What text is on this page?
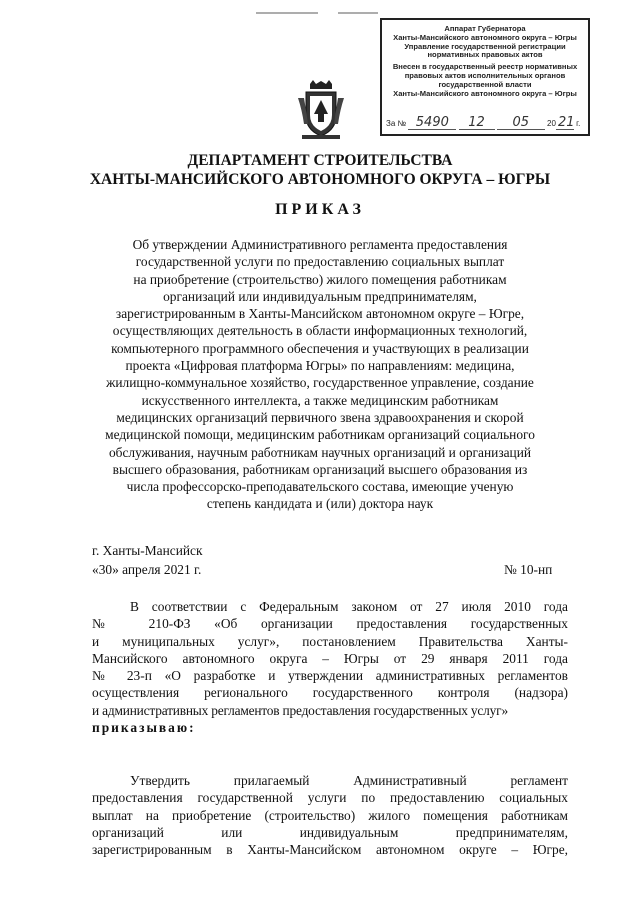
Аппарат Губернатора
Ханты-Мансийского автономного округа – Югры
Управление государственной регистрации
нормативных правовых актов
Внесен в государственный реестр нормативных
правовых актов исполнительных органов
государственной власти
Ханты-Мансийского автономного округа – Югры
За № 5490 12 05 20 21 г.
ДЕПАРТАМЕНТ СТРОИТЕЛЬСТВА
ХАНТЫ-МАНСИЙСКОГО АВТОНОМНОГО ОКРУГА – ЮГРЫ
ПРИКАЗ
Об утверждении Административного регламента предоставления
государственной услуги по предоставлению социальных выплат
на приобретение (строительство) жилого помещения работникам
организаций или индивидуальным предпринимателям,
зарегистрированным в Ханты-Мансийском автономном округе – Югре,
осуществляющих деятельность в области информационных технологий,
компьютерного программного обеспечения и участвующих в реализации
проекта «Цифровая платформа Югры» по направлениям: медицина,
жилищно-коммунальное хозяйство, государственное управление, создание
искусственного интеллекта, а также медицинским работникам
медицинских организаций первичного звена здравоохранения и скорой
медицинской помощи, медицинским работникам организаций социального
обслуживания, научным работникам научных организаций и организаций
высшего образования, работникам организаций высшего образования из
числа профессорско-преподавательского состава, имеющие ученую
степень кандидата и (или) доктора наук
г. Ханты-Мансийск
«30» апреля 2021 г.	№ 10-нп
В соответствии с Федеральным законом от 27 июля 2010 года
№ 210-ФЗ «Об организации предоставления государственных
и муниципальных услуг», постановлением Правительства Ханты-
Мансийского автономного округа – Югры от 29 января 2011 года
№ 23-п «О разработке и утверждении административных регламентов
осуществления регионального государственного контроля (надзора)
и административных регламентов предоставления государственных услуг»
приказываю:
Утвердить прилагаемый Административный регламент
предоставления государственной услуги по предоставлению социальных
выплат на приобретение (строительство) жилого помещения работникам
организаций или индивидуальным предпринимателям,
зарегистрированным в Ханты-Мансийском автономном округе – Югре,
